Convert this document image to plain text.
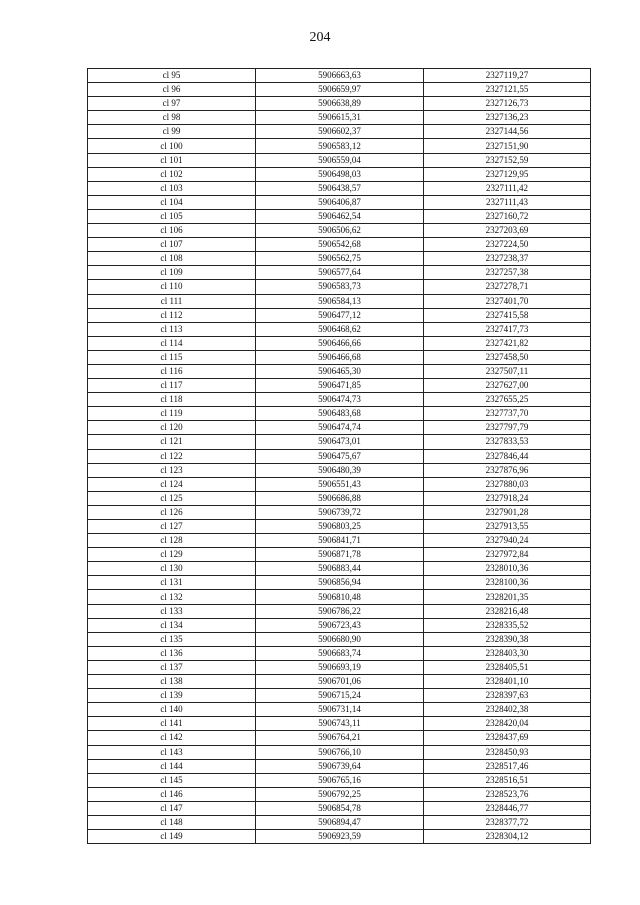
204
cl 95	5906663,63	2327119,27
cl 96	5906659,97	2327121,55
cl 97	5906638,89	2327126,73
cl 98	5906615,31	2327136,23
cl 99	5906602,37	2327144,56
cl 100	5906583,12	2327151,90
cl 101	5906559,04	2327152,59
cl 102	5906498,03	2327129,95
cl 103	5906438,57	2327111,42
cl 104	5906406,87	2327111,43
cl 105	5906462,54	2327160,72
cl 106	5906506,62	2327203,69
cl 107	5906542,68	2327224,50
cl 108	5906562,75	2327238,37
cl 109	5906577,64	2327257,38
cl 110	5906583,73	2327278,71
cl 111	5906584,13	2327401,70
cl 112	5906477,12	2327415,58
cl 113	5906468,62	2327417,73
cl 114	5906466,66	2327421,82
cl 115	5906466,68	2327458,50
cl 116	5906465,30	2327507,11
cl 117	5906471,85	2327627,00
cl 118	5906474,73	2327655,25
cl 119	5906483,68	2327737,70
cl 120	5906474,74	2327797,79
cl 121	5906473,01	2327833,53
cl 122	5906475,67	2327846,44
cl 123	5906480,39	2327876,96
cl 124	5906551,43	2327880,03
cl 125	5906686,88	2327918,24
cl 126	5906739,72	2327901,28
cl 127	5906803,25	2327913,55
cl 128	5906841,71	2327940,24
cl 129	5906871,78	2327972,84
cl 130	5906883,44	2328010,36
cl 131	5906856,94	2328100,36
cl 132	5906810,48	2328201,35
cl 133	5906786,22	2328216,48
cl 134	5906723,43	2328335,52
cl 135	5906680,90	2328390,38
cl 136	5906683,74	2328403,30
cl 137	5906693,19	2328405,51
cl 138	5906701,06	2328401,10
cl 139	5906715,24	2328397,63
cl 140	5906731,14	2328402,38
cl 141	5906743,11	2328420,04
cl 142	5906764,21	2328437,69
cl 143	5906766,10	2328450,93
cl 144	5906739,64	2328517,46
cl 145	5906765,16	2328516,51
cl 146	5906792,25	2328523,76
cl 147	5906854,78	2328446,77
cl 148	5906894,47	2328377,72
cl 149	5906923,59	2328304,12
